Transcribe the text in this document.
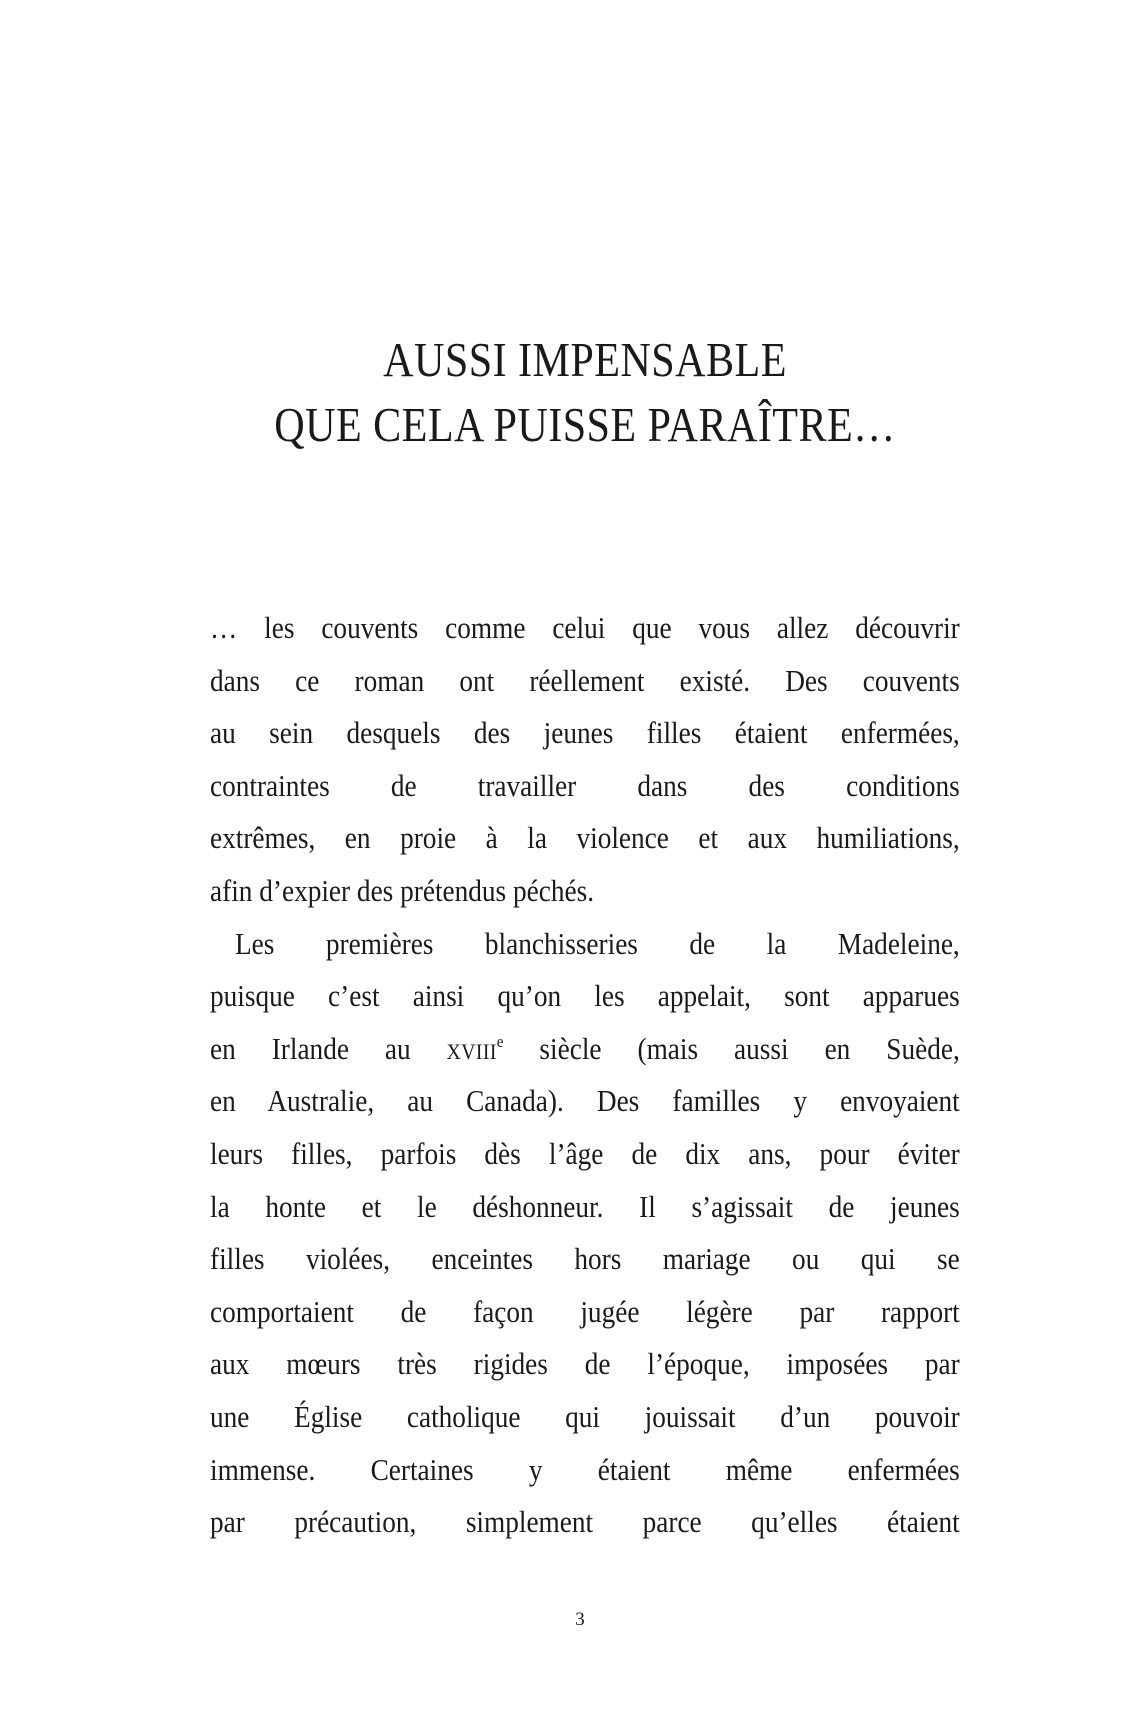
AUSSI IMPENSABLE
QUE CELA PUISSE PARAÎTRE…
… les couvents comme celui que vous allez découvrir
dans ce roman ont réellement existé. Des couvents
au sein desquels des jeunes filles étaient enfermées,
contraintes de travailler dans des conditions
extrêmes, en proie à la violence et aux humiliations,
afin d’expier des prétendus péchés.
Les premières blanchisseries de la Madeleine,
puisque c’est ainsi qu’on les appelait, sont apparues
en Irlande au XVIIIe siècle (mais aussi en Suède,
en Australie, au Canada). Des familles y envoyaient
leurs filles, parfois dès l’âge de dix ans, pour éviter
la honte et le déshonneur. Il s’agissait de jeunes
filles violées, enceintes hors mariage ou qui se
comportaient de façon jugée légère par rapport
aux mœurs très rigides de l’époque, imposées par
une Église catholique qui jouissait d’un pouvoir
immense. Certaines y étaient même enfermées
par précaution, simplement parce qu’elles étaient
3
